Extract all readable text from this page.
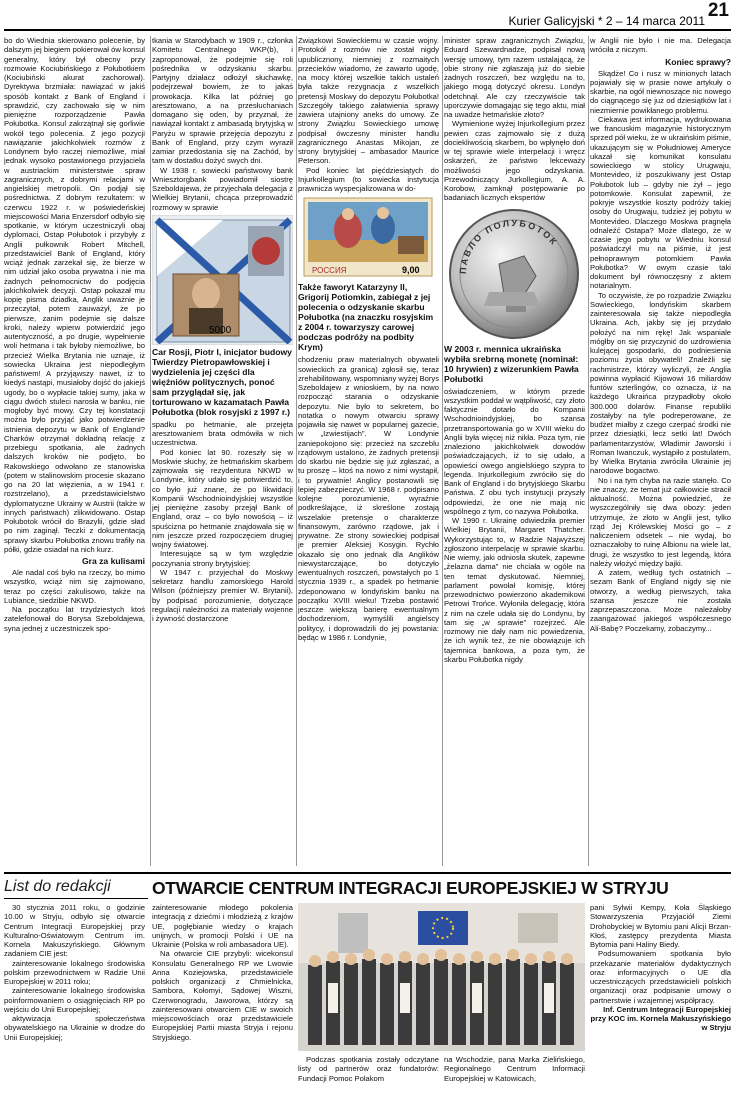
Kurier Galicyjski * 2 – 14 marca 2011 21

bo do Wiednia skierowano polecenie, by dalszym jej biegiem pokierował ów konsul generalny, który był obecny przy rozmowie Kociubińskiego z Połubotkiem (Kociubiński akurat zachorował). Dyrektywa brzmiała: nawiązać w jakiś sposób kontakt z Bank of England i sprawdzić, czy zachowało się w nim pieniężne rozporządzenie Pawła Połubotka. Konsul zakrzątnął się gorliwie wokół tego polecenia. Z jego pozycji nawiązanie jakichkolwiek rozmów z Londynem było raczej niemożliwe, miał jednak wysoko postawionego przyjaciela w austriackim ministerstwie spraw zagranicznych, z dobrymi relacjami w angielskiej metropolii. On podjął się pośrednictwa. Z dobrym rezultatem: w czerwcu 1922 r. w poświedeńskiej miejscowości Maria Enzersdorf odbyło się spotkanie, w którym uczestniczyli obaj dyplomaci, Ostap Połubotok i przybyły z Anglii pułkownik Robert Mitchell, przedstawiciel Bank of England, który wciąż jednak zarzekał się, że bierze w nim udział jako osoba prywatna i nie ma żadnych pełnomocnictw do podjęcia jakichkolwiek decyzji. Ostap pokazał mu kopię pisma dziadka, Anglik uważnie je przeczytał, potem zauważył, że po pierwsze, zanim podejmie się dalsze kroki, należy wpierw potwierdzić jego autentyczność, a po drugie, wypełnienie woli hetmana i tak byłoby niemożliwe, bo przecież Wielka Brytania nie uznaje, iż sowiecka Ukraina jest niepodległym państwem! A przyjąwszy nawet, iż to kiedyś nastąpi, musiałoby dojść do jakiejś ugody, bo o wypłacie takiej sumy, jaka w ciągu dwóch stuleci narosła w banku, nie mogłoby być mowy. Czy tej konstatacji można było przyjąć jako potwierdzenie istnienia depozytu w Bank of England? Charków otrzymał dokładną relację z przebiegu spotkania, ale żadnych dalszych kroków nie podjęto, bo Rakowskiego odwołano ze stanowiska (potem w stalinowskim procesie skazano go na 20 lat więzienia, a w 1941 r. rozstrzelano), a przedstawicielstwo dyplomatyczne Ukrainy w Austrii (także w innych państwach) zlikwidowano. Ostap Połubotok wrócił do Brazylii, gdzie sład po nim zaginął. Teczki z dokumentacją sprawy skarbu Połubotka znowu trafiły na półki, gdzie osiadał na nich kurz.

Gra za kulisami

Ale nadal coś było na rzeczy, bo mimo wszystko, wciąż nim się zajmowano, teraz po części zakulisowo, także na Lubiance, siedzibie NKWD.

Na początku lat trzydziestych ktoś zatelefonował do Borysa Szeboldajewa, syna jednej z uczestniczek spo-

tkania w Starodybach w 1909 r., członka Komitetu Centralnego WKP(b), i zaproponował, że podejmie się roli pośrednika w odzyskaniu skarbu. Partyjny działacz odłożył słuchawkę, podejrzewał bowiem, że to jakaś prowokacja. Kilka lat później go aresztowano, a na przesłuchaniach domagano się oden, by przyznał, że nawiązał kontakt z ambasadą brytyjską w Paryżu w sprawie przejęcia depozytu z Bank of England, przy czym wyraził zamiar przedostania się na Zachód, by tam w dostatku dożyć swych dni.

W 1938 r. sowiecki państwowy bank Wniesztorgbank powiadomił siostrę Szeboldajewa, że przyjechała delegacja z Wielkiej Brytanii, chcąca przeprowadzić rozmowy w sprawie

5000

Car Rosji, Piotr I, inicjator budowy Twierdzy Pietropawłowskiej i wydzielenia jej części dla więźniów politycznych, ponoć sam przyglądał się, jak torturowano w kazamatach Pawła Połubotka (blok rosyjski z 1997 r.)

spadku po hetmanie, ale przejęta aresztowaniem brata odmówiła w nich uczestnictwa.

Pod koniec lat 90. rozeszły się w Moskwie słuchy, że hetmańskim skarbem zajmowała się rezydentura NKWD w Londynie, który udało się potwierdzić to, co było już znane, że po likwidacji Kompanii Wschodnioindyjskiej wszystkie jej pieniężne zasoby przejął Bank of England, oraz – co było nowością – iż spuścizna po hetmanie znajdowała się w nim jeszcze przed rozpoczęciem drugiej wojny światowej.

Interesujące są w tym względzie poczynania strony brytyjskiej:

W 1947 r. przyjechał do Moskwy sekretarz handlu zamorskiego Harold Wilson (późniejszy premier W. Brytanii), by podpisać porozumienie, dotyczące regulacji należności za materiały wojenne i żywność dostarczone

Związkowi Sowieckiemu w czasie wojny. Protokół z rozmów nie został nigdy upublicznony, niemniej z rozmaitych przecieków wiadomo, że zawarto ugodę, na mocy której wszelkie takich ustaleń była także rezygnacja z wszelkich pretensji Moskwy do depozytu Połubotka! Szczegóły takiego załatwienia sprawy zawiera utajniony aneks do umowy. Ze strony Związku Sowieckiego umowę podpisał ówczesny minister handlu zagranicznego Anastas Mikojan, ze strony brytyjskiej – ambasador Maurice Peterson.

Pod koniec lat pięćdziesiątych do Injurkollegium (to sowiecka instytucja prawnicza wyspecjalizowana w do-

РОССИЯ	9,00

Także faworyt Katarzyny II, Grigorij Potiomkin, zabiegał z jej polecenia o odzyskanie skarbu Połubotka (na znaczku rosyjskim z 2004 r. towarzyszy carowej podczas podróży na podbity Krym)

chodzeniu praw materialnych obywateli sowieckich za granicą) zgłosił się, teraz zrehabilitowany, wspomniany wyżej Borys Szeboldajew z wnioskiem, by na nowo rozpocząć starania o odzyskanie depozytu. Nie było to sekretem, bo notatka o nowym otwarciu sprawy pojawiła się nawet w popularnej gazecie, w „Izwiestijach”. W Londynie zaniepokojono się: przecież na szczeblu rządowym ustalono, że żadnych pretensji do skarbu nie będzie się już zgłaszać, a tu proszę – ktoś na nowo z nimi wystąpił, i to prywatnie! Anglicy postanowili się lepiej zabezpieczyć. W 1968 r. podpisano kolejne porozumienie, wyraźnie podkreślające, iż skreślone zostają wszelakie pretensje o charakterze finansowym, zarówno rządowe, jak i prywatne. Ze strony sowieckiej podpisał je premier Aleksiej Kosygin. Rychło okazało się ono jednak dla Anglików niewystarczające, bo dotyczyło ewentualnych roszczeń, powstałych po 1 stycznia 1939 r., a spadek po hetmanie zdeponowano w londyńskim banku na początku XVIII wieku! Trzeba postawić jeszcze większą barierę ewentualnym dochodzeniom, wymyślili angielscy politycy, i doprowadzili do jej powstania: będąc w 1986 r. Londynie,

minister spraw zagranicznych Związku, Eduard Szewardnadze, podpisał nową wersję umowy, tym razem ustalającą, że obie strony nie zgłaszają już do siebie żadnych roszczeń, bez względu na to, jakiego mogą dotyczyć okresu. Londyn odetchnął. Ale czy rzeczywiście tak uporczywie domagając się tego aktu, miał na uwadze hetmańskie złoto?

Wymienione wyżej Injurkollegium przez pewien czas zajmowało się z dużą dociekliwością skarbem, bo wpłynęło doń w tej sprawie wiele interpelacji i wręcz oskarżeń, że państwo lekceważy możliwości jego odzyskania. Przewodniczący Jurkollegium, A. A. Korobow, zamknął postępowanie po badaniach licznych ekspertów

ПАВЛО ПОЛУБОТОК

W 2003 r. mennica ukraińska wybiła srebrną monetę (nominał: 10 hrywien) z wizerunkiem Pawła Połubotki

oświadczeniem, w którym przede wszystkim poddał w wątpliwość, czy złoto faktycznie dotarło do Kompanii Wschodnioindyjskiej, bo szansa przetransportowania go w XVIII wieku do Anglii była więcej niż nikła. Poza tym, nie znaleziono jakichkolwiek dowodów poświadczających, iż to się udało, a opowieści owego angielskiego szypra to legenda. Injurkollegium zwróciło się do Bank of England i do brytyjskiego Skarbu Państwa. Z obu tych instytucji przyszły odpowiedzi, że one nie mają nic wspólnego z tym, co nazywa Połubotka.

W 1990 r. Ukrainę odwiedziła premier Wielkiej Brytanii, Margaret Thatcher. Wykorzystując to, w Radzie Najwyższej zgłoszono interpelację w sprawie skarbu. Nie wiemy, jaki odniosła skutek, zapewne „żelazna dama” nie chciała w ogóle na ten temat dyskutować. Niemniej, parlament powołał komisję, której przewodnictwo powierzono akademikowi Petrowi Trońce. Wyłoniła delegację, która z nim na czele udała się do Londynu, by tam się „w sprawie” rozejrzeć. Ale rozmowy nie dały nam nic powiedzenia, że ich wynik też, że nie obowiązuje ich tajemnica bankowa, a poza tym, że skarbu Połubotka nigdy

w Anglii nie było i nie ma. Delegacja wróciła z niczym.

Koniec sprawy?

Skądże! Co i rusz w minionych latach pojawiały się w prasie nowe artykuły o skarbie, na ogół niewnoszące nic nowego do ciągnącego się już od dziesiątków lat i niezmiernie powikłanego problemu.

Ciekawa jest informacja, wydrukowana we francuskim magazynie historycznym sprzed pół wieku, że w ukraińskim piśmie, ukazującym się w Południowej Ameryce ukazał się komunikat konsulatu sowieckiego w stolicy Urugwaju, Montevideo, iż poszukiwany jest Ostap Połubotok lub – gdyby nie żył – jego potomkowie. Konsulat zapewnił, że pokryje wszystkie koszty podróży takiej osoby do Urugwaju, tudzież jej pobytu w Montevideo. Dlaczego Moskwa pragnęła odnaleźć Ostapa? Może dlatego, że w czasie jego pobytu w Wiedniu konsul poświadczył mu na piśmie, iż jest pełnoprawnym potomkiem Pawła Połubotka? W owym czasie taki dokument był równoczęsny z aktem notarialnym.

To oczywiste, że po rozpadzie Związku Sowieckiego, londyńskim skarbem zainteresowała się także niepodległa Ukraina. Ach, jakby się jej przydało położyć na nim rękę! Jak wspaniale mógłby on się przyczynić do uzdrowienia kulejącej gospodarki, do podniesienia poziomu życia obywateli! Znaleźli się rachmistrze, którzy wyliczyli, że Anglia powinna wypłacić Kijowowi 16 miliardów funtów szterlingów, co oznacza, iż na każdego Ukraińca przypadłoby około 300.000 dolarów. Finanse republiki zostałyby na tyle podreperowane, że budżet miałby z czego czerpać środki nie przez dziesiątki, lecz setki lat! Dwóch parlamentarzystów, Władimir Jaworski i Roman Iwanczuk, wystąpiło z postulatem, by Wielka Brytania zwróciła Ukrainie jej narodowe bogactwo.

No i na tym chyba na razie stanęło. Co nie znaczy, że temat już całkowicie stracił aktualność. Można powiedzieć, że wyszczególniły się dwa obozy: jeden utrzymuje, że złoto w Anglii jest, tylko rząd Jej Królewskiej Mości go – z naliczeniem odsetek – nie wydaj, bo oznaczałoby to ruinę Albionu na wiele lat, drugi, że wszystko to jest legendą, która należy włożyć między bajki.

A zatem, według tych ostatnich – sezam Bank of England nigdy się nie otworzy, a według pierwszych, taka szansa jeszcze nie została zaprzepaszczona. Może należałoby zaangażować jakiegoś współczesnego Ali-Babę? Poczekamy, zobaczymy...

List do redakcji	OTWARCIE CENTRUM INTEGRACJI EUROPEJSKIEJ W STRYJU

30 stycznia 2011 roku, o godzinie 10.00 w Stryju, odbyło się otwarcie Centrum Integracji Europejskiej przy Kulturalno-Oświatowym Centrum im. Kornela Makuszyńskiego. Głównym zadaniem CIE jest:

zainteresowanie lokalnego środowiska polskim przewodnictwem w Radzie Unii Europejskiej w 2011 roku;

zainteresowanie lokalnego środowiska poinformowaniem o osiągnięciach RP po wejściu do Unii Europejskiej;

aktywizacja społeczeństwa obywatelskiego na Ukrainie w drodze do Unii Europejskiej;

zainteresowanie młodego pokolenia integracją z dziećmi i młodzieżą z krajów UE, pogłębianie wiedzy o krajach unijnych, w promocji Polski i UE na Ukrainie (Polska w roli ambasadora UE).

Na otwarcie CIE przybyli: wicekonsul Konsulatu Generalnego RP we Lwowie Anna Koziejowska, przedstawiciele polskich organizacji z Chmielnicka, Sambora, Kołomyi, Sądowej Wiszni, Czerwonogradu, Jaworowa, którzy są zainteresowani otwarciem CIE w swoich miejscowościach oraz przedstawiciele Europejskiej Partii miasta Stryja i rejonu Stryjskiego.

Podczas spotkania zostały odczytane listy od partnerów oraz fundatorów: Fundacji Pomoc Polakom

na Wschodzie, pana Marka Zielińskiego, Regionalnego Centrum Informacji Europejskiej w Katowicach,

pani Sylwii Kempy, Koła Śląskiego Stowarzyszenia Przyjaciół Ziemi Drohobyckiej w Bytomiu pani Alicji Brzan-Kłoś, zastępcy prezydenta Miasta Bytomia pani Haliny Biedy.

Podsumowaniem spotkania było przekazanie materiałów dydaktycznych oraz informacyjnych o UE dla uczestniczących przedstawicieli polskich organizacji oraz podpisanie umowy o partnerstwie i wzajemnej współpracy.

Inf. Centrum Integracji Europejskiej przy KOC im. Kornela Makuszyńskiego w Stryju
